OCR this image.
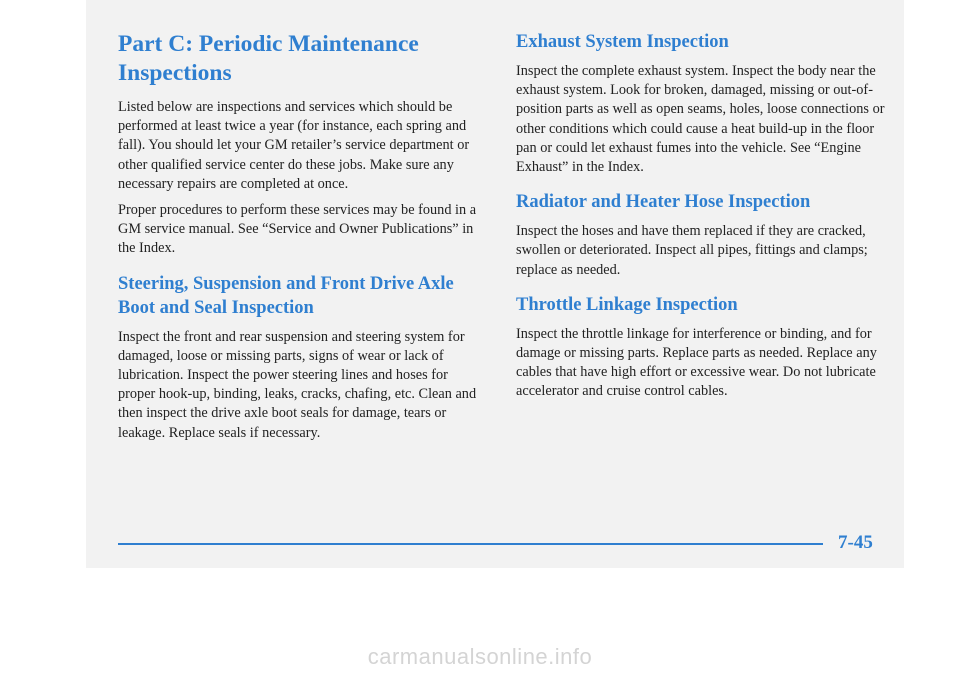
Part C: Periodic Maintenance Inspections

Listed below are inspections and services which should be performed at least twice a year (for instance, each spring and fall). You should let your GM retailer’s service department or other qualified service center do these jobs. Make sure any necessary repairs are completed at once.

Proper procedures to perform these services may be found in a GM service manual. See “Service and Owner Publications” in the Index.

Steering, Suspension and Front Drive Axle Boot and Seal Inspection

Inspect the front and rear suspension and steering system for damaged, loose or missing parts, signs of wear or lack of lubrication. Inspect the power steering lines and hoses for proper hook-up, binding, leaks, cracks, chafing, etc. Clean and then inspect the drive axle boot seals for damage, tears or leakage. Replace seals if necessary.

Exhaust System Inspection

Inspect the complete exhaust system. Inspect the body near the exhaust system. Look for broken, damaged, missing or out-of-position parts as well as open seams, holes, loose connections or other conditions which could cause a heat build-up in the floor pan or could let exhaust fumes into the vehicle. See “Engine Exhaust” in the Index.

Radiator and Heater Hose Inspection

Inspect the hoses and have them replaced if they are cracked, swollen or deteriorated. Inspect all pipes, fittings and clamps; replace as needed.

Throttle Linkage Inspection

Inspect the throttle linkage for interference or binding, and for damage or missing parts. Replace parts as needed. Replace any cables that have high effort or excessive wear. Do not lubricate accelerator and cruise control cables.

7-45
carmanualsonline.info
